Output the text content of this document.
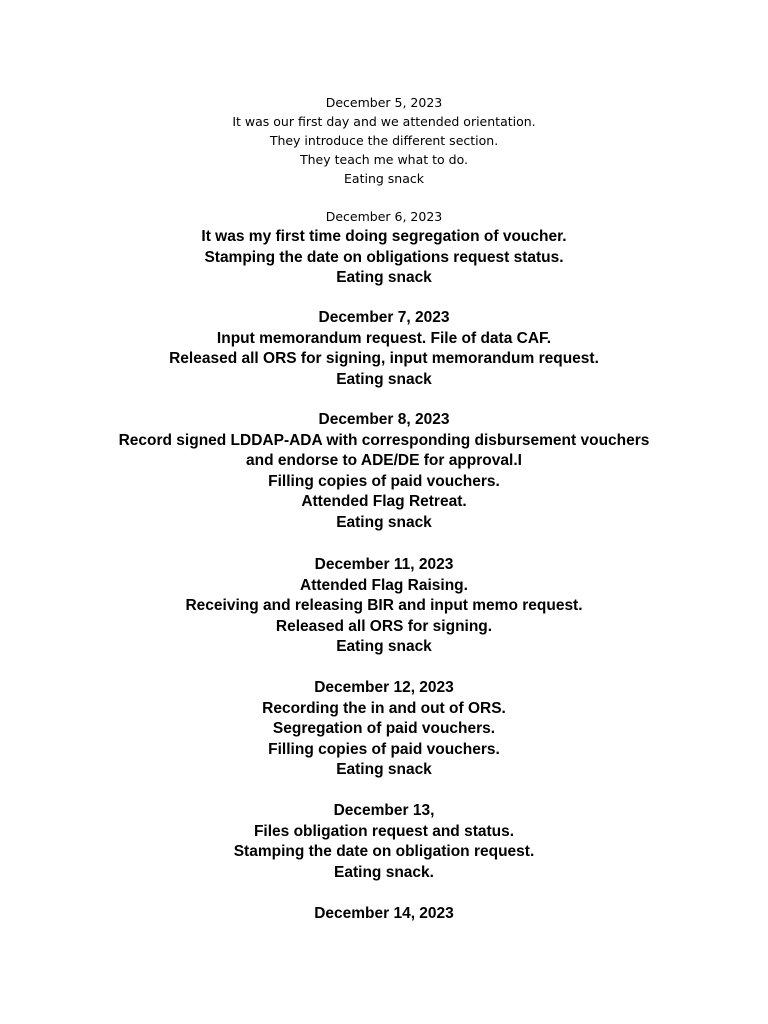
December 5, 2023
It was our first day and we attended orientation.
They introduce the different section.
They teach me what to do.
Eating snack
December 6, 2023
It was my first time doing segregation of voucher.
Stamping the date on obligations request status.
Eating snack
December 7, 2023
Input memorandum request. File of data CAF.
Released all ORS for signing, input memorandum request.
Eating snack
December 8, 2023
Record signed LDDAP-ADA with corresponding disbursement vouchers
and endorse to ADE/DE for approval.I
Filling copies of paid vouchers.
Attended Flag Retreat.
Eating snack
December 11, 2023
Attended Flag Raising.
Receiving and releasing BIR and input memo request.
Released all ORS for signing.
Eating snack
December 12, 2023
Recording the in and out of ORS.
Segregation of paid vouchers.
Filling copies of paid vouchers.
Eating snack
December 13,
Files obligation request and status.
Stamping the date on obligation request.
Eating snack.
December 14, 2023
